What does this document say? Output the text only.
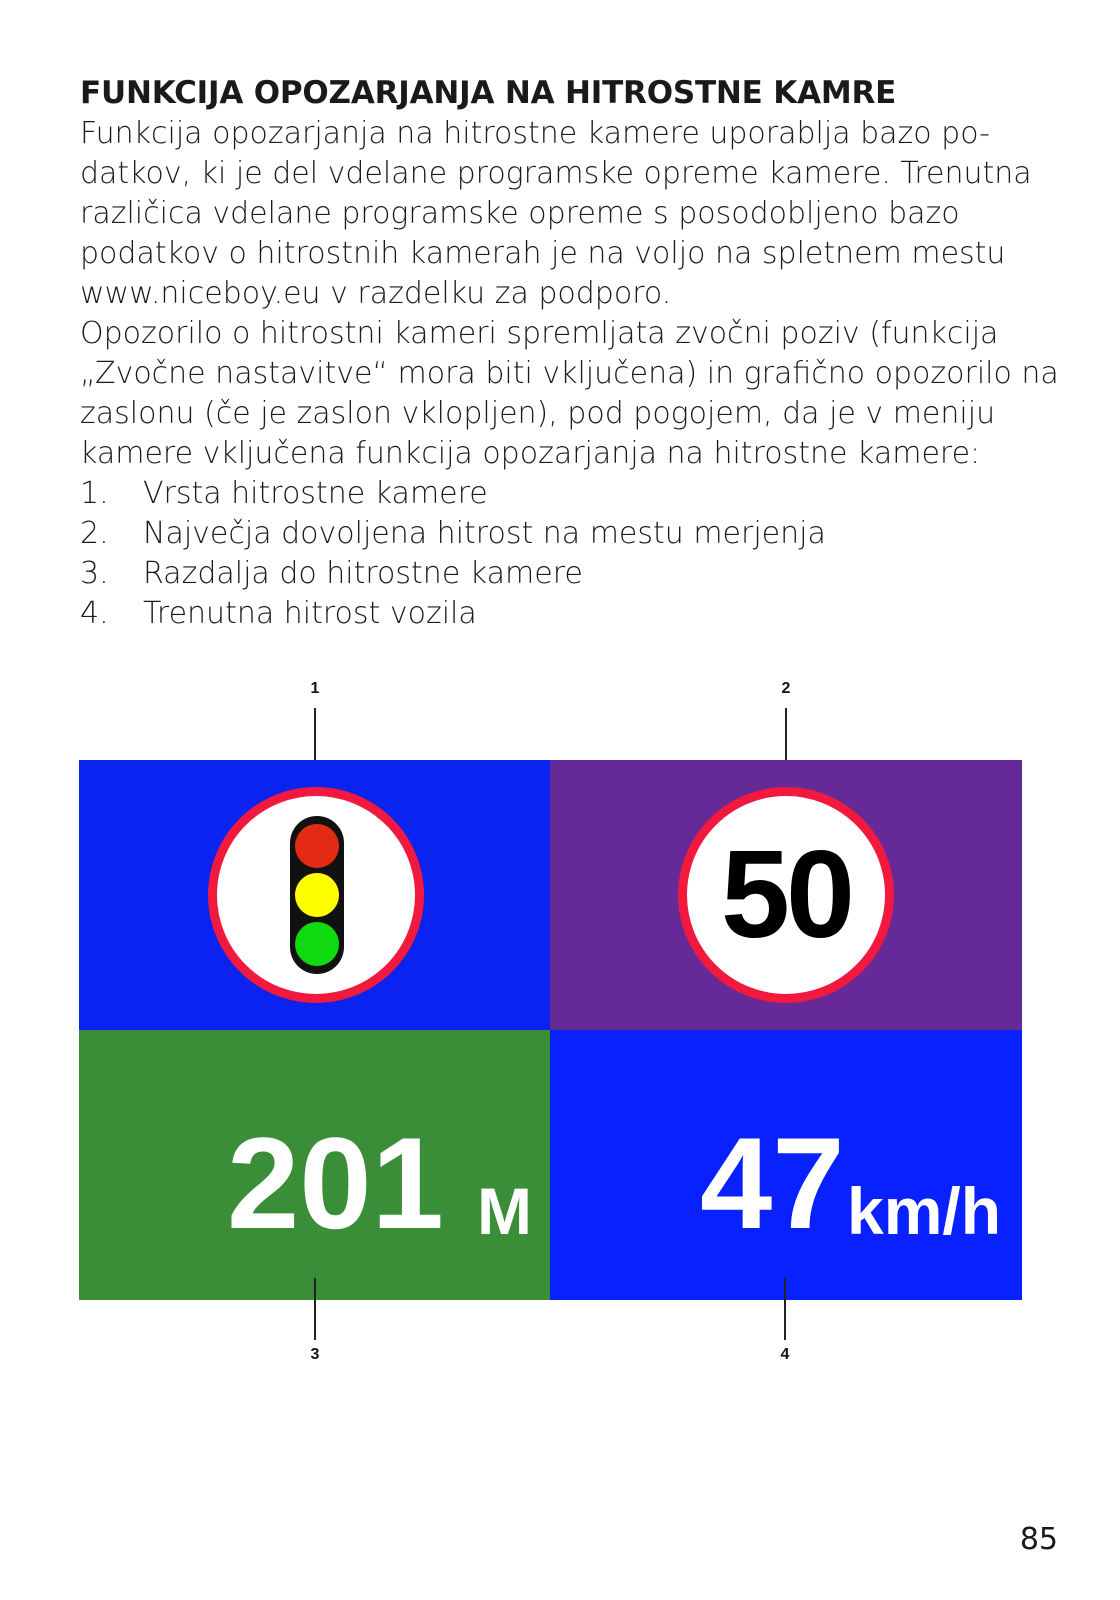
FUNKCIJA OPOZARJANJA NA HITROSTNE KAMRE

Funkcija opozarjanja na hitrostne kamere uporablja bazo po-datkov, ki je del vdelane programske opreme kamere. Trenutna različica vdelane programske opreme s posodobljeno bazo podatkov o hitrostnih kamerah je na voljo na spletnem mestu www.niceboy.eu v razdelku za podporo.

Opozorilo o hitrostni kameri spremljata zvočni poziv (funkcija „Zvočne nastavitve“ mora biti vključena) in grafično opozorilo na zaslonu (če je zaslon vklopljen), pod pogojem, da je v meniju kamere vključena funkcija opozarjanja na hitrostne kamere:

1.	Vrsta hitrostne kamere
2.	Največja dovoljena hitrost na mestu merjenja
3.	Razdalja do hitrostne kamere
4.	Trenutna hitrost vozila
1	2
50
201 M 47 km/h
3	4
85
